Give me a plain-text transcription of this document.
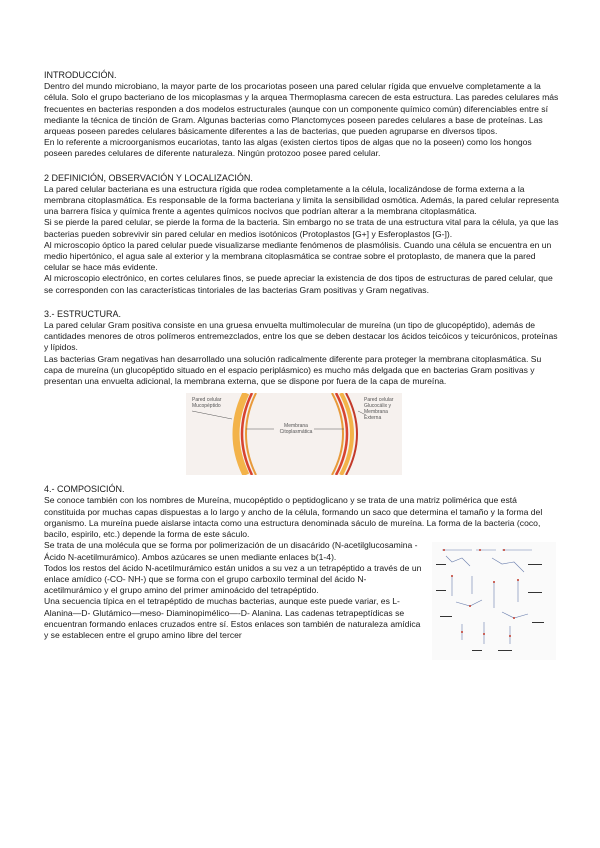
INTRODUCCIÓN.

Dentro del mundo microbiano, la mayor parte de los procariotas poseen una pared celular rígida que envuelve completamente a la célula. Solo el grupo bacteriano de los micoplasmas y la arquea Thermoplasma carecen de esta estructura. Las paredes celulares más frecuentes en bacterias responden a dos modelos estructurales (aunque con un componente químico común) diferenciables entre sí mediante la técnica de tinción de Gram. Algunas bacterias como Planctomyces poseen paredes celulares a base de proteínas. Las arqueas poseen paredes celulares básicamente diferentes a las de bacterias, que pueden agruparse en diversos tipos.

En lo referente a microorganismos eucariotas, tanto las algas (existen ciertos tipos de algas que no la poseen) como los hongos poseen paredes celulares de diferente naturaleza. Ningún protozoo posee pared celular.

2 DEFINICIÓN, OBSERVACIÓN Y LOCALIZACIÓN.

La pared celular bacteriana es una estructura rígida que rodea completamente a la célula, localizándose de forma externa a la membrana citoplasmática. Es responsable de la forma bacteriana y limita la sensibilidad osmótica. Además, la pared celular representa una barrera física y química frente a agentes químicos nocivos que podrían alterar a la membrana citoplasmática.

Si se pierde la pared celular, se pierde la forma de la bacteria. Sin embargo no se trata de una estructura vital para la célula, ya que las bacterias pueden sobrevivir sin pared celular en medios isotónicos (Protoplastos [G+] y Esferoplastos [G-]).

Al microscopio óptico la pared celular puede visualizarse mediante fenómenos de plasmólisis. Cuando una célula se encuentra en un medio hipertónico, el agua sale al exterior y la membrana citoplasmática se contrae sobre el protoplasto, de manera que la pared celular se hace más evidente.

Al microscopio electrónico, en cortes celulares finos, se puede apreciar la existencia de dos tipos de estructuras de pared celular, que se corresponden con las características tintoriales de las bacterias Gram positivas y Gram negativas.

3.- ESTRUCTURA.

La pared celular Gram positiva consiste en una gruesa envuelta multimolecular de mureína (un tipo de glucopéptido), además de cantidades menores de otros polímeros entremezclados, entre los que se deben destacar los ácidos teicóicos y teicurónicos, proteínas y lípidos.

Las bacterias Gram negativas han desarrollado una solución radicalmente diferente para proteger la membrana citoplasmática. Su capa de mureína (un glucopéptido situado en el espacio periplásmico) es mucho más delgada que en bacterias Gram positivas y presentan una envuelta adicional, la membrana externa, que se dispone por fuera de la capa de mureína.

Pared celular Mucopéptido
Membrana Citoplasmática
Pared celular Glucocálix y Membrana Externa

4.- COMPOSICIÓN.

Se conoce también con los nombres de Mureína, mucopéptido o peptidoglicano y se trata de una matriz polimérica que está constituida por muchas capas dispuestas a lo largo y ancho de la célula, formando un saco que determina el tamaño y la forma del organismo. La mureína puede aislarse intacta como una estructura denominada sáculo de mureína. La forma de la bacteria (coco, bacilo, espirilo, etc.) depende la forma de este sáculo.

Se trata de una molécula que se forma por polimerización de un disacárido (N-acetilglucosamina - Ácido N-acetilmurámico). Ambos azúcares se unen mediante enlaces b(1-4).

Todos los restos del ácido N-acetilmurámico están unidos a su vez a un tetrapéptido a través de un enlace amídico (-CO- NH-) que se forma con el grupo carboxilo terminal del ácido N-acetilmurámico y el grupo amino del primer aminoácido del tetrapéptido.

Una secuencia típica en el tetrapéptido de muchas bacterias, aunque este puede variar, es L- Alanina—D- Glutámico—meso- Diaminopimélico—-D- Alanina. Las cadenas tetrapeptídicas se encuentran formando enlaces cruzados entre sí. Estos enlaces son también de naturaleza amídica y se establecen entre el grupo amino libre del tercer
